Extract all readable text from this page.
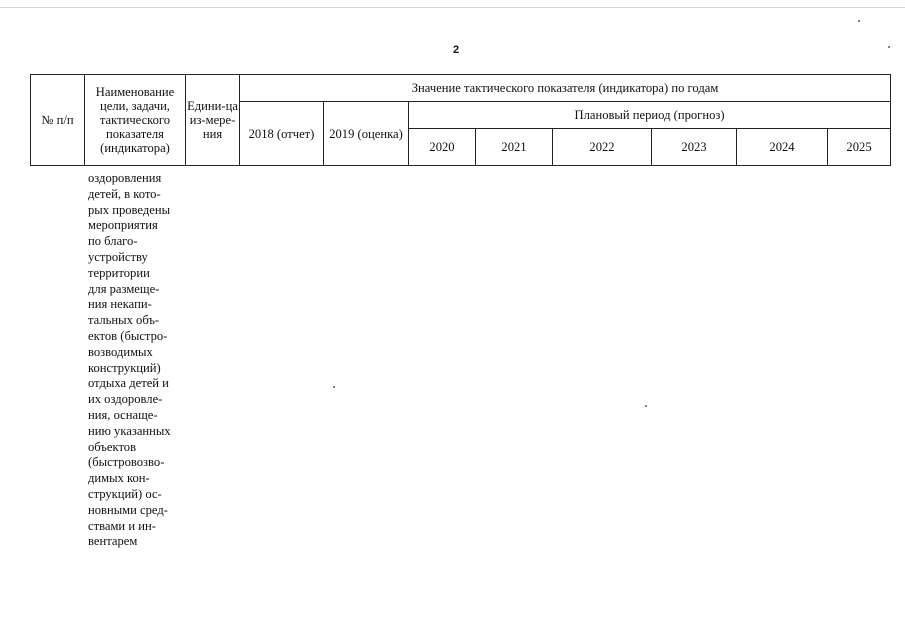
2
№ п/п	Наименование цели, задачи, тактического показателя (индикатора)	Едини-ца из-мере-ния	Значение тактического показателя (индикатора) по годам							
			2018 (отчет)	2019 (оценка)	Плановый период (прогноз)					
					2020	2021	2022	2023	2024	2025
оздоровления
детей, в кото-
рых проведены
мероприятия
по благо-
устройству
территории
для размеще-
ния некапи-
тальных объ-
ектов (быстро-
возводимых
конструкций)
отдыха детей и
их оздоровле-
ния, оснаще-
нию указанных
объектов
(быстровозво-
димых кон-
струкций) ос-
новными сред-
ствами и ин-
вентарем
